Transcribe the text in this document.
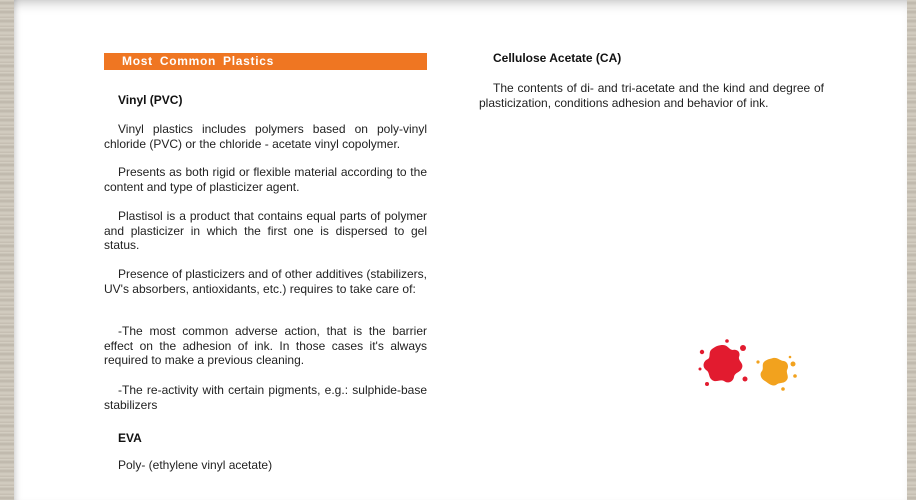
Most Common Plastics
Vinyl (PVC)
Vinyl plastics includes polymers based on poly-vinyl chloride (PVC) or the chloride - acetate vinyl copolymer.
Presents as both rigid or flexible material according to the content and type of plasticizer agent.
Plastisol is a product that contains equal parts of polymer and plasticizer in which the first one is dispersed to gel status.
Presence of plasticizers and of other additives (stabilizers, UV's absorbers, antioxidants, etc.) requires to take care of:
-The most common adverse action, that is the barrier effect on the adhesion of ink. In those cases it's always required to make a previous cleaning.
-The re-activity with certain pigments, e.g.: sulphide-base stabilizers
EVA
Poly- (ethylene vinyl acetate)
Cellulose Acetate (CA)
The contents of di- and tri-acetate and the kind and degree of plasticization, conditions adhesion and behavior of ink.
